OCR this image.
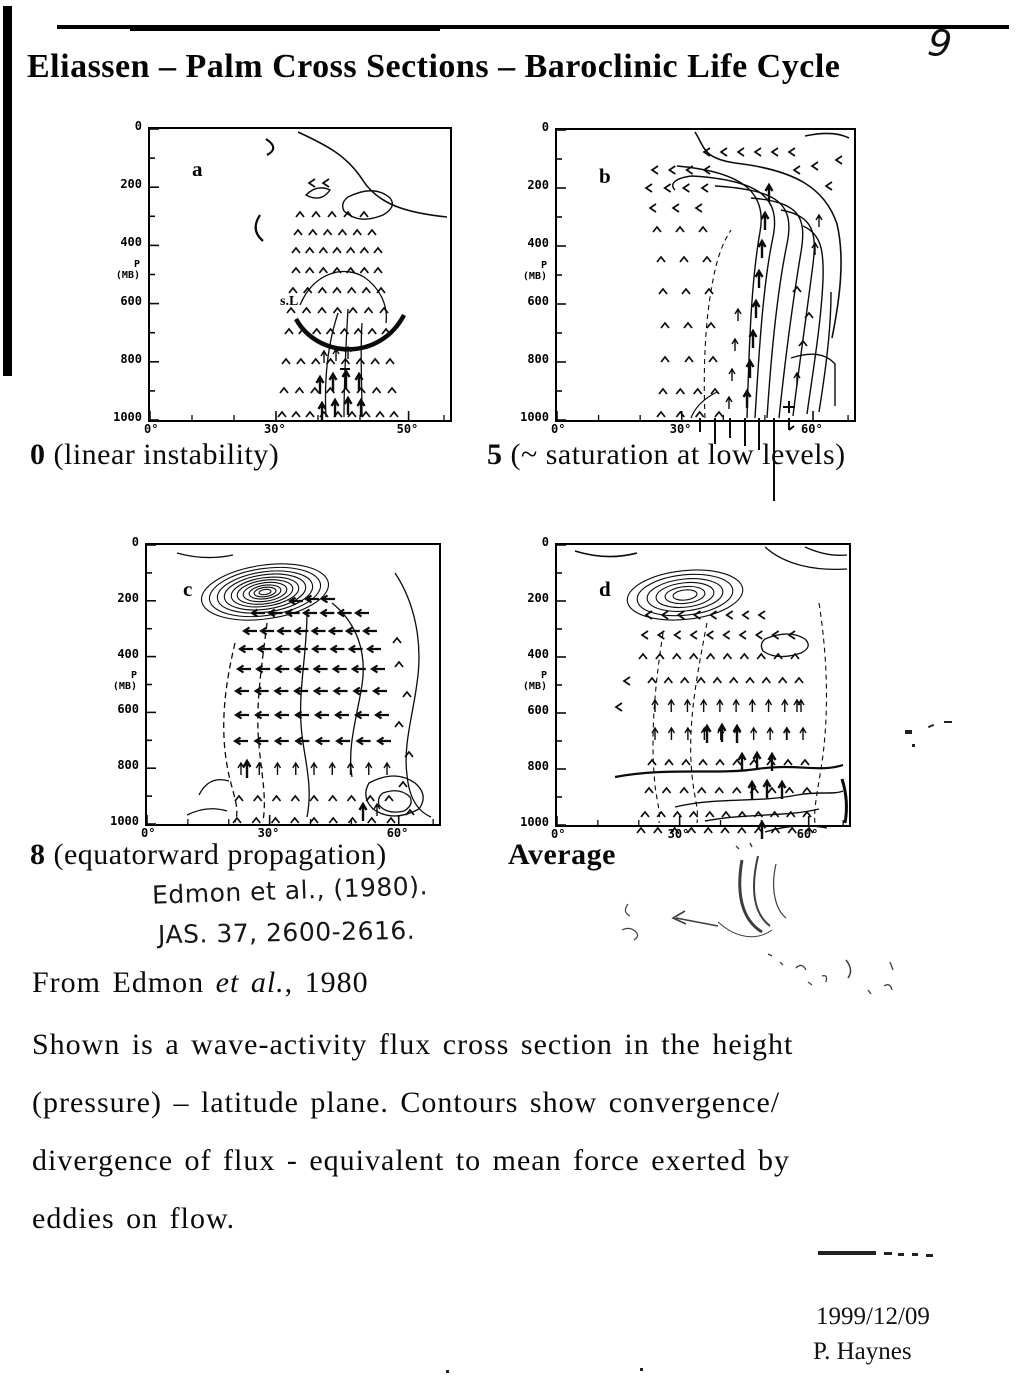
9
Eliassen – Palm Cross Sections – Baroclinic Life Cycle
0 (linear instability)	5 (~ saturation at low levels)
8 (equatorward propagation)	Average
Edmon et al., (1980).
JAS. 37, 2600-2616.
From Edmon et al., 1980
Shown is a wave-activity flux cross section in the height
(pressure) – latitude plane. Contours show convergence/
divergence of flux - equivalent to mean force exerted by
eddies on flow.
1999/12/09
P. Haynes
0
200
400
600
800
1000
P
(MB)
0°	30°	50°
a
s.L
0
200
400
600
800
1000
P
(MB)
0°	30°	60°
b
0
200
400
600
800
1000
P
(MB)
0°	30°	60°
c
0
200
400
600
800
1000
P
(MB)
0°	30°	60°
d
